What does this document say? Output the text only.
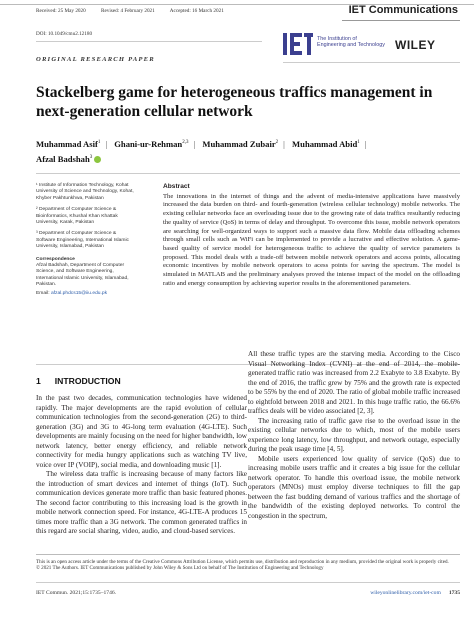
Received: 25 May 2020	Revised: 4 February 2021	Accepted: 16 March 2021	IET Communications
DOI: 10.1049/cmu2.12180
The Institution of
Engineering and Technology WILEY
ORIGINAL RESEARCH PAPER
Stackelberg game for heterogeneous traffics management in next-generation cellular network
Muhammad Asif$^1$ | Ghani-ur-Rehman$^{2,3}$ | Muhammad Zubair$^2$ | Muhammad Abid$^1$ |
Afzal Badshah$^3$

¹ Institute of Information Technology, Kohat University of Science and Technology, Kohat, Khyber Pakhtunkhwa, Pakistan

² Department of Computer Science & Bioinformatics, Khushal Khan Khattak University, Karak, Pakistan

³ Department of Computer Science & Software Engineering, International Islamic University, Islamabad, Pakistan

Correspondence

Afzal Badshah, Department of Computer Science, and Software Engineering, International Islamic University, Islamabad, Pakistan.

Email: afzal.phdcs15@iiu.edu.pk

Abstract
The innovations in the internet of things and the advent of media-intensive applications have massively increased the data burden on third- and fourth-generation (wireless cellular technology) mobile networks. The existing cellular networks face an overloading issue due to the growing rate of data traffics resultantly reducing the quality of service (QoS) in terms of delay and throughput. To overcome this issue, mobile network operators are searching for well-organized ways to support such a massive data flow. Mobile data offloading schemes through small cells such as WiFi can be implemented to provide a lucrative and effective solution. A game-based quality of service model for heterogeneous traffic to achieve the quality of service parameters is proposed. This model deals with a trade-off between mobile network operators and access points, allocating economic incentives by mobile network operators to acess points for saving the spectrum. The model is simulated in MATLAB and the preliminary analyses proved the intense impact of the model on the offloading ratio and energy consumption by achieving superior results in the aforementioned parameters.
1 INTRODUCTION

In the past two decades, communication technologies have widened rapidly. The major developments are the rapid evolution of cellular communication technologies from the second-generation (2G) to third-generation (3G) and 3G to 4G-long term evaluation (4G-LTE). Such developments are mainly focusing on the need for higher bandwidth, low network latency, better energy efficiency, and reliable network connectivity for media hungry applications such as watching TV live, voice over IP (VOIP), social media, and downloading music [1].

The wireless data traffic is increasing because of many factors like the introduction of smart devices and internet of things (IoT). Such communication devices generate more traffic than basic featured phones. The second factor contributing to this increasing load is the growth in mobile network connection speed. For instance, 4G-LTE-A produces 15 times more traffic than a 3G network. The common generated traffics in this regard are social sharing, video, audio, and cloud-based services.

All these traffic types are the starving media. According to the Cisco Visual Networking Index (CVNI) at the end of 2014, the mobile-generated traffic ratio was increased from 2.2 Exabyte to 3.8 Exabyte. By the end of 2016, the traffic grew by 75% and the growth rate is expected to be 55% by the end of 2020. The ratio of global mobile traffic increased to eightfold between 2018 and 2021. In this huge traffic ratio, the 66.6% traffics deals will be video associated [2, 3].

The increasing ratio of traffic gave rise to the overload issue in the existing cellular networks due to which, most of the mobile users experience long latency, low throughput, and network outage, especially during the peak usage time [4, 5].

Mobile users experienced low quality of service (QoS) due to increasing mobile users traffic and it creates a big issue for the cellular network operator. To handle this overload issue, the mobile network operators (MNOs) must employ diverse techniques to fill the gap between the fast budding demand of various traffics and the shortage of the bandwidth of the existing deployed networks. To control the congestion in the spectrum,

This is an open access article under the terms of the Creative Commons Attribution License, which permits use, distribution and reproduction in any medium, provided the original work is properly cited.
© 2021 The Authors. IET Communications published by John Wiley & Sons Ltd on behalf of The Institution of Engineering and Technology
IET Commun. 2021;15:1735–1746.	wileyonlinelibrary.com/iet-com 1735
